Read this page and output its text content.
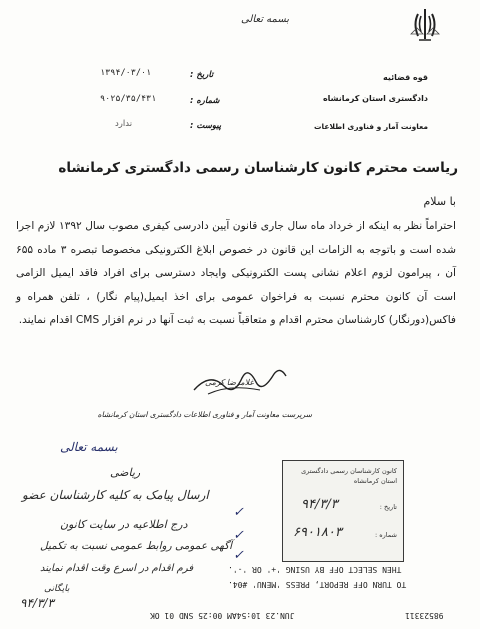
بسمه تعالی
قوه قضائیه
دادگستری استان کرمانشاه
معاونت آمار و فناوری اطلاعات
۱۳۹۴/۰۳/۰۱	تاریخ :
۹۰۲۵/۳۵/۴۳۱	شماره :
ندارد	پیوست :
ریاست محترم کانون کارشناسان رسمی دادگستری کرمانشاه
با سلام
احتراماً نظر به اینکه از خرداد ماه سال جاری قانون آیین دادرسی کیفری مصوب سال ۱۳۹۲ لازم اجرا شده است و باتوجه به الزامات این قانون در خصوص ابلاغ الکترونیکی مخصوصا تبصره ۳ ماده ۶۵۵ آن ، پیرامون لزوم اعلام نشانی پست الکترونیکی وایجاد دسترسی برای افراد فاقد ایمیل الزامی است آن کانون محترم نسبت به فراخوان عمومی برای اخذ ایمیل(پیام نگار) ، تلفن همراه و فاکس(دورنگار) کارشناسان محترم اقدام و متعاقباً نسبت به ثبت آنها در نرم افزار CMS اقدام نمایند.
غلامرضا کرمی
سرپرست معاونت آمار و فناوری اطلاعات دادگستری استان کرمانشاه
بسمه تعالی
ریاضی
ارسال پیامک به کلیه کارشناسان عضو
✓
درج اطلاعیه در سایت کانون
✓
آگهی عمومی روابط عمومی نسبت به تکمیل
✓
فرم اقدام در اسرع وقت اقدام نمایند
بایگانی
۹۴/۳/۳
کانون کارشناسان رسمی دادگستری
استان کرمانشاه
تاریخ :
۹۴/۳/۳
شماره :
۶۹۰۱۸۰۳
THEN SELECT OFF BY USING '+' OR '-'.
TO TURN OFF REPORT, PRESS 'MENU' #04.
JUN.23 10:54AM 00:25 SND 01 OK	98523311
